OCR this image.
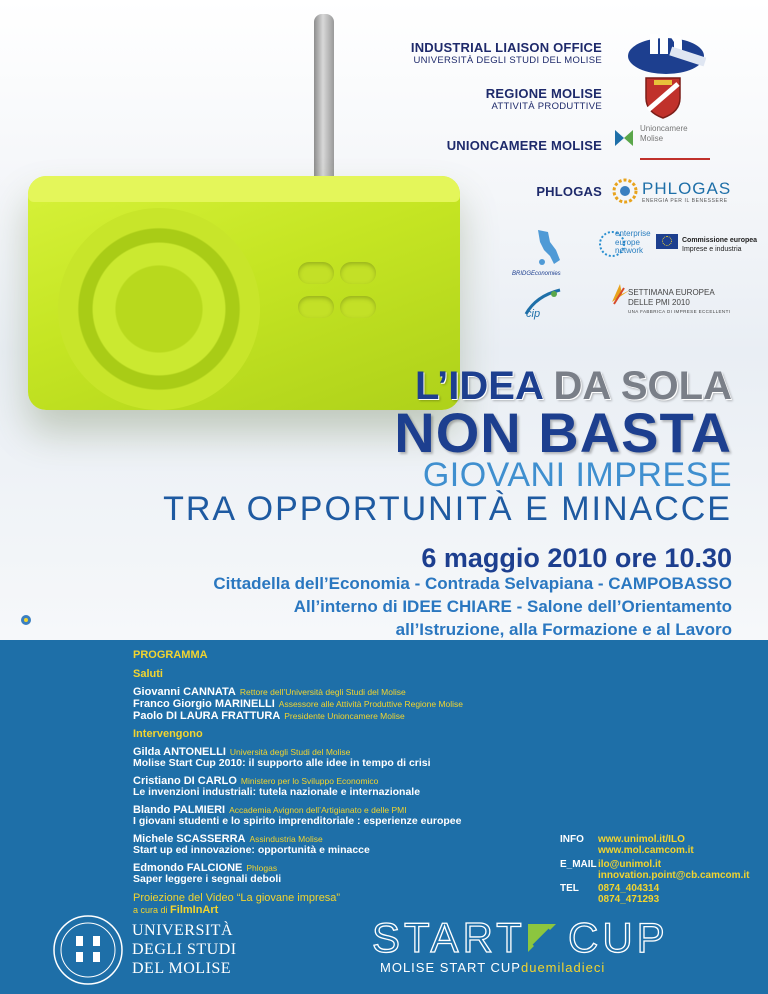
INDUSTRIAL LIAISON OFFICE
UNIVERSITÀ DEGLI STUDI DEL MOLISE
REGIONE MOLISE
ATTIVITÀ PRODUTTIVE
UNIONCAMERE MOLISE
Unioncamere
Molise
PHLOGAS PHLOGAS
ENERGIA PER IL BENESSERE
BRIDGEconomies
enterprise
europe
network
Commissione europea
Imprese e industria
cip
SETTIMANA EUROPEA
DELLE PMI 2010
UNA FABBRICA DI IMPRESE ECCELLENTI
L’IDEA DA SOLA
NON BASTA
GIOVANI IMPRESE
TRA OPPORTUNITÀ E MINACCE
6 maggio 2010 ore 10.30
Cittadella dell’Economia - Contrada Selvapiana - CAMPOBASSO
All’interno di IDEE CHIARE - Salone dell’Orientamento
all’Istruzione, alla Formazione e al Lavoro
PROGRAMMA
Saluti
Giovanni CANNATA Rettore dell’Università degli Studi del Molise
Franco Giorgio MARINELLI Assessore alle Attività Produttive Regione Molise
Paolo DI LAURA FRATTURA Presidente Unioncamere Molise
Intervengono
Gilda ANTONELLI Università degli Studi del Molise
Molise Start Cup 2010: il supporto alle idee in tempo di crisi
Cristiano DI CARLO Ministero per lo Sviluppo Economico
Le invenzioni industriali: tutela nazionale e internazionale
Blando PALMIERI Accademia Avignon dell’Artigianato e delle PMI
I giovani studenti e lo spirito imprenditoriale : esperienze europee
Michele SCASSERRA Assindustria Molise
Start up ed innovazione: opportunità e minacce
Edmondo FALCIONE Phlogas
Saper leggere i segnali deboli
Proiezione del Video “La giovane impresa”
a cura di FilmInArt
INFO www.unimol.it/ILO
www.mol.camcom.it
E_MAIL ilo@unimol.it
innovation.point@cb.camcom.it
TEL 0874_404314
0874_471293
UNIVERSITÀ
DEGLI STUDI
DEL MOLISE
START CUP
MOLISE START CUPduemiladieci
